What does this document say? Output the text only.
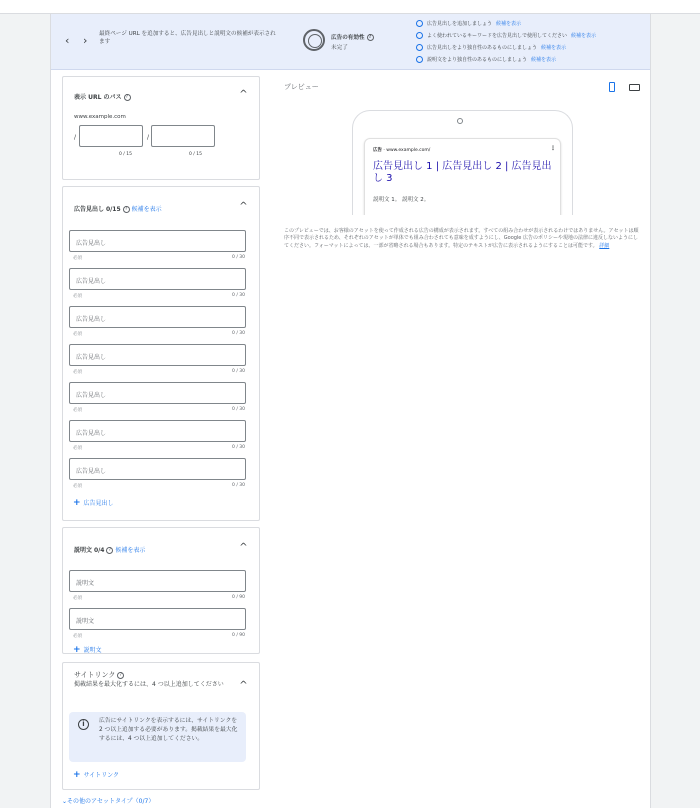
‹ › 最終ページ URL を追加すると、広告見出しと説明文の候補が表示されます
広告の有効性 ?
未完了
広告見出しを追加しましょう 候補を表示
よく使われているキーワードを広告見出しで使用してください 候補を表示
広告見出しをより独自性のあるものにしましょう 候補を表示
説明文をより独自性のあるものにしましょう 候補を表示
表示 URL のパス ?	^
www.example.com
/	/
0 / 15	0 / 15
広告見出し 0/15 ? 候補を表示	^
広告見出し
必須	0 / 30
広告見出し
必須	0 / 30
広告見出し
必須	0 / 30
広告見出し
必須	0 / 30
広告見出し
必須	0 / 30
広告見出し
必須	0 / 30
広告見出し
必須	0 / 30
+ 広告見出し
説明文 0/4 ? 候補を表示	^
説明文
必須	0 / 90
説明文
必須	0 / 90
+ 説明文
サイトリンク ?
掲載結果を最大化するには、4 つ以上追加してください ^
i	広告にサイトリンクを表示するには、サイトリンクを 2 つ以上追加する必要があります。掲載結果を最大化するには、4 つ以上追加してください。
+ サイトリンク
⌄その他のアセットタイプ（0/7）
プレビュー
広告 · www.example.com/	⋮
広告見出し 1 | 広告見出し 2 | 広告見出し 3
説明文 1。 説明文 2。
このプレビューでは、お客様のアセットを使って作成される広告の構成が表示されます。すべての組み合わせが表示されるわけではありません。アセットは順序不同で表示されるため、それぞれのアセットが単体でも組み合わされても意味を成すようにし、Google 広告のポリシーや現地の法律に違反しないようにしてください。フォーマットによっては、一部が省略される場合もあります。特定のテキストが広告に表示されるようにすることは可能です。 詳細
